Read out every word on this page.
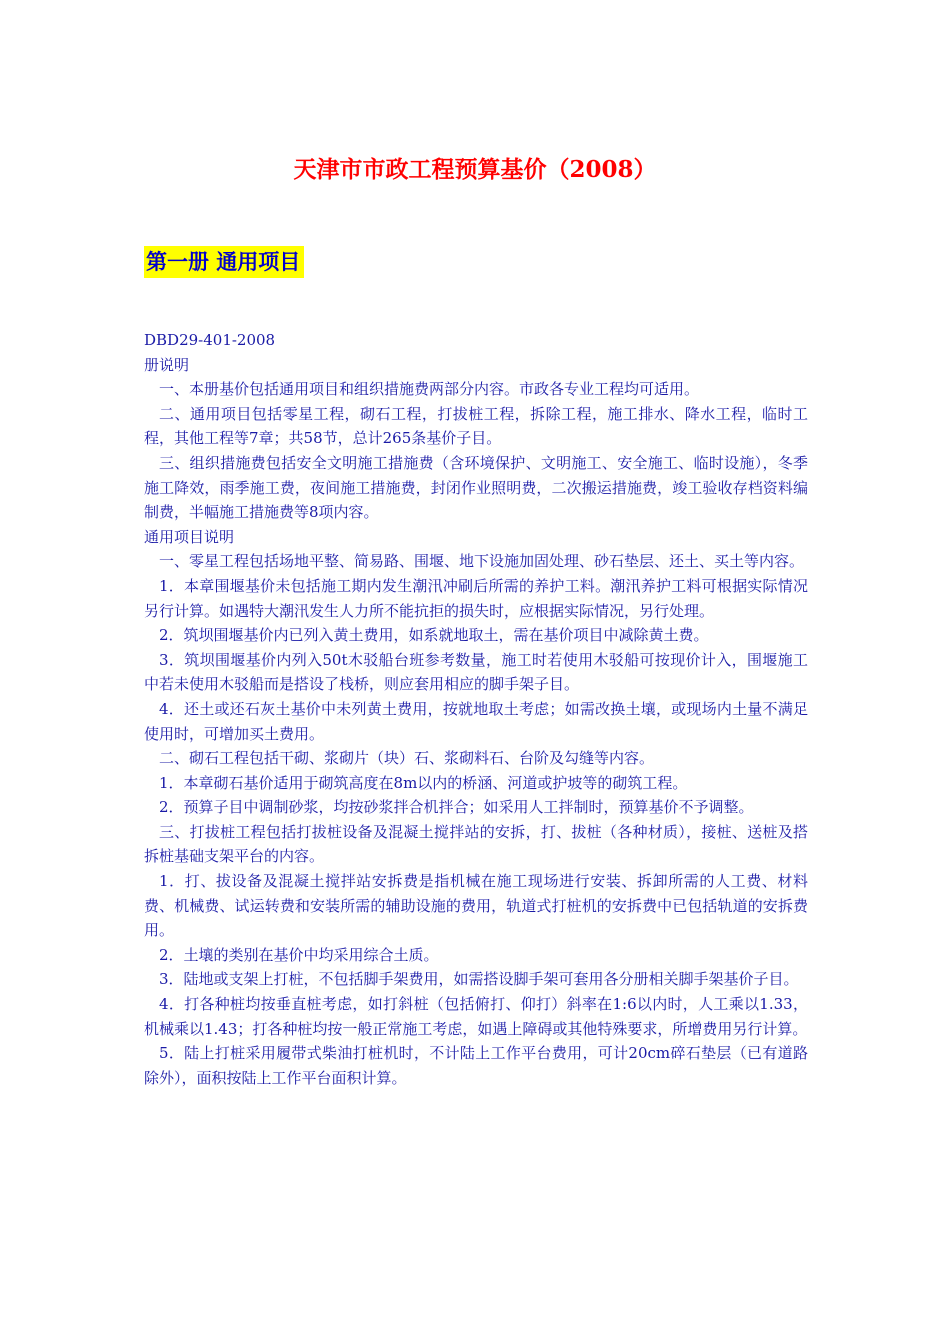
天津市市政工程预算基价（2008）
第一册 通用项目

DBD29-401-2008

册说明

一、本册基价包括通用项目和组织措施费两部分内容。市政各专业工程均可适用。

二、通用项目包括零星工程，砌石工程，打拔桩工程，拆除工程，施工排水、降水工程，临时工程，其他工程等7章；共58节，总计265条基价子目。

三、组织措施费包括安全文明施工措施费（含环境保护、文明施工、安全施工、临时设施），冬季施工降效，雨季施工费，夜间施工措施费，封闭作业照明费，二次搬运措施费，竣工验收存档资料编制费，半幅施工措施费等8项内容。

通用项目说明

一、零星工程包括场地平整、简易路、围堰、地下设施加固处理、砂石垫层、还土、买土等内容。

1．本章围堰基价未包括施工期内发生潮汛冲刷后所需的养护工料。潮汛养护工料可根据实际情况另行计算。如遇特大潮汛发生人力所不能抗拒的损失时，应根据实际情况，另行处理。

2．筑坝围堰基价内已列入黄土费用，如系就地取土，需在基价项目中减除黄土费。

3．筑坝围堰基价内列入50t木驳船台班参考数量，施工时若使用木驳船可按现价计入，围堰施工中若未使用木驳船而是搭设了栈桥，则应套用相应的脚手架子目。

4．还土或还石灰土基价中未列黄土费用，按就地取土考虑；如需改换土壤，或现场内土量不满足使用时，可增加买土费用。

二、砌石工程包括干砌、浆砌片（块）石、浆砌料石、台阶及勾缝等内容。

1．本章砌石基价适用于砌筑高度在8m以内的桥涵、河道或护坡等的砌筑工程。

2．预算子目中调制砂浆，均按砂浆拌合机拌合；如采用人工拌制时，预算基价不予调整。

三、打拔桩工程包括打拔桩设备及混凝土搅拌站的安拆，打、拔桩（各种材质），接桩、送桩及搭拆桩基础支架平台的内容。

1．打、拔设备及混凝土搅拌站安拆费是指机械在施工现场进行安装、拆卸所需的人工费、材料费、机械费、试运转费和安装所需的辅助设施的费用，轨道式打桩机的安拆费中已包括轨道的安拆费用。

2．土壤的类别在基价中均采用综合土质。

3．陆地或支架上打桩，不包括脚手架费用，如需搭设脚手架可套用各分册相关脚手架基价子目。

4．打各种桩均按垂直桩考虑，如打斜桩（包括俯打、仰打）斜率在1:6以内时，人工乘以1.33，机械乘以1.43；打各种桩均按一般正常施工考虑，如遇上障碍或其他特殊要求，所增费用另行计算。

5．陆上打桩采用履带式柴油打桩机时，不计陆上工作平台费用，可计20cm碎石垫层（已有道路除外），面积按陆上工作平台面积计算。
